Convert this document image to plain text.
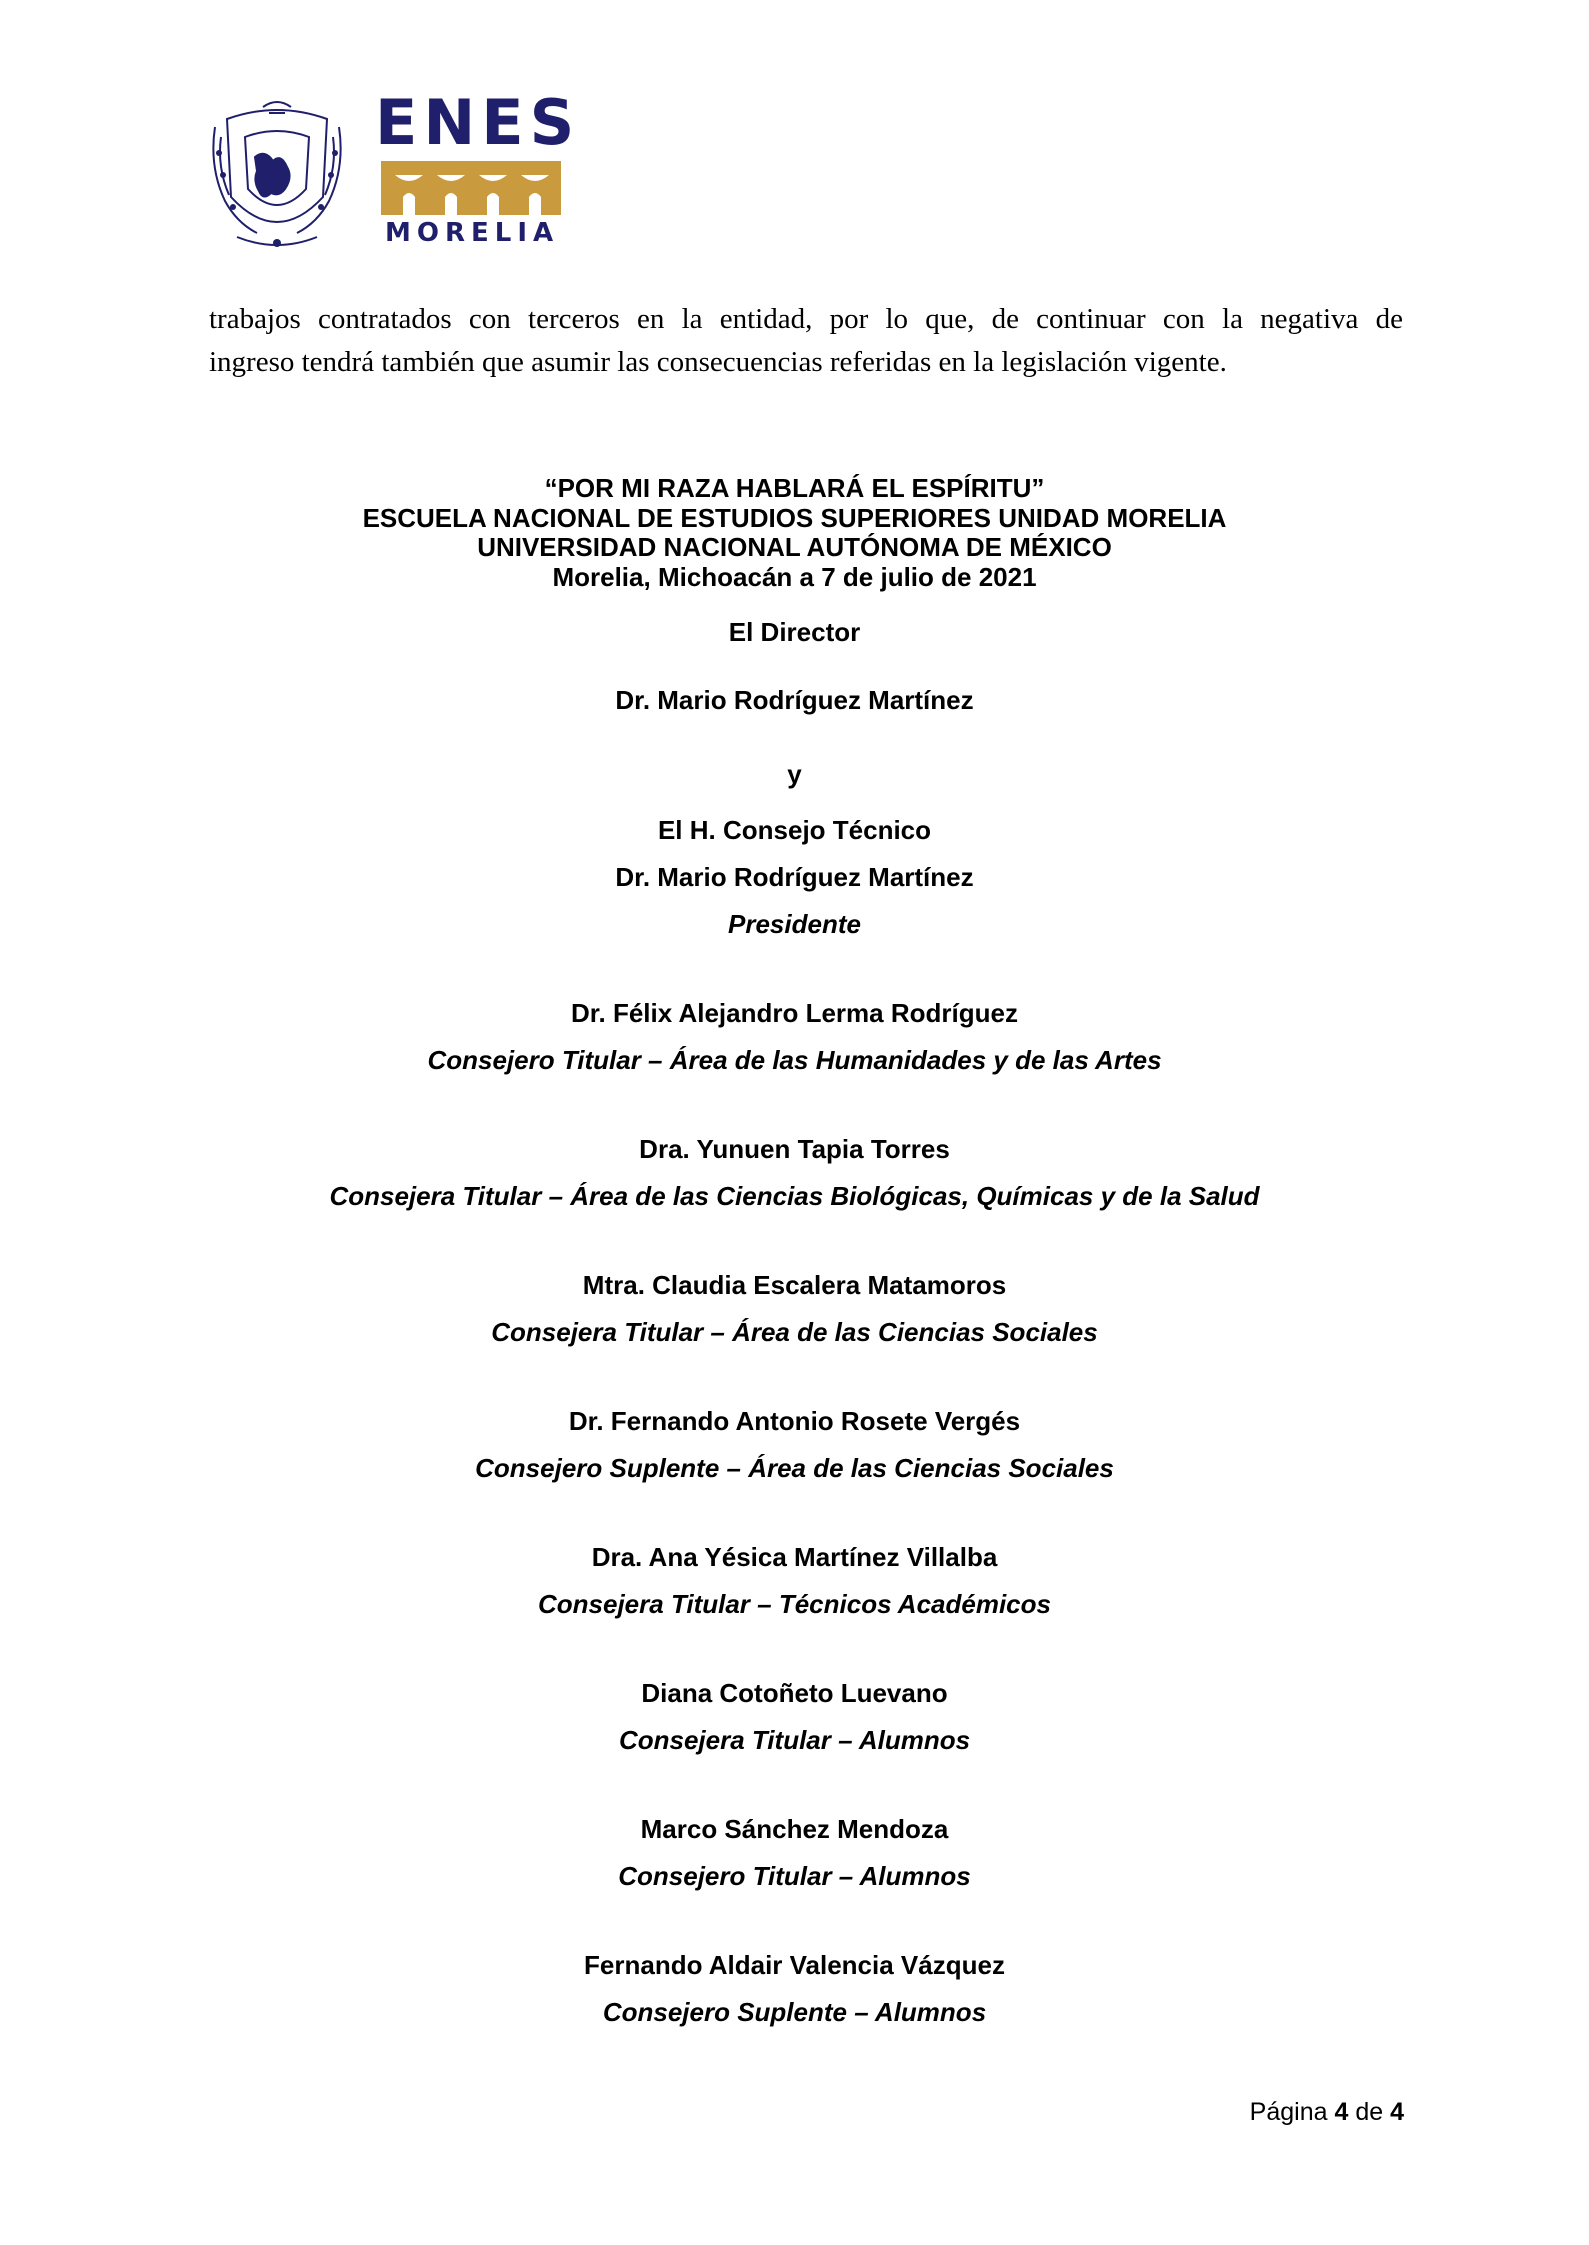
ENES
MORELIA

trabajos contratados con terceros en la entidad, por lo que, de continuar con la negativa de
ingreso tendrá también que asumir las consecuencias referidas en la legislación vigente.

“POR MI RAZA HABLARÁ EL ESPÍRITU”
ESCUELA NACIONAL DE ESTUDIOS SUPERIORES UNIDAD MORELIA
UNIVERSIDAD NACIONAL AUTÓNOMA DE MÉXICO
Morelia, Michoacán a 7 de julio de 2021
El Director
Dr. Mario Rodríguez Martínez
y
El H. Consejo Técnico
Dr. Mario Rodríguez Martínez
Presidente
Dr. Félix Alejandro Lerma Rodríguez
Consejero Titular – Área de las Humanidades y de las Artes
Dra. Yunuen Tapia Torres
Consejera Titular – Área de las Ciencias Biológicas, Químicas y de la Salud
Mtra. Claudia Escalera Matamoros
Consejera Titular – Área de las Ciencias Sociales
Dr. Fernando Antonio Rosete Vergés
Consejero Suplente – Área de las Ciencias Sociales
Dra. Ana Yésica Martínez Villalba
Consejera Titular – Técnicos Académicos
Diana Cotoñeto Luevano
Consejera Titular – Alumnos
Marco Sánchez Mendoza
Consejero Titular – Alumnos
Fernando Aldair Valencia Vázquez
Consejero Suplente – Alumnos
Página 4 de 4
